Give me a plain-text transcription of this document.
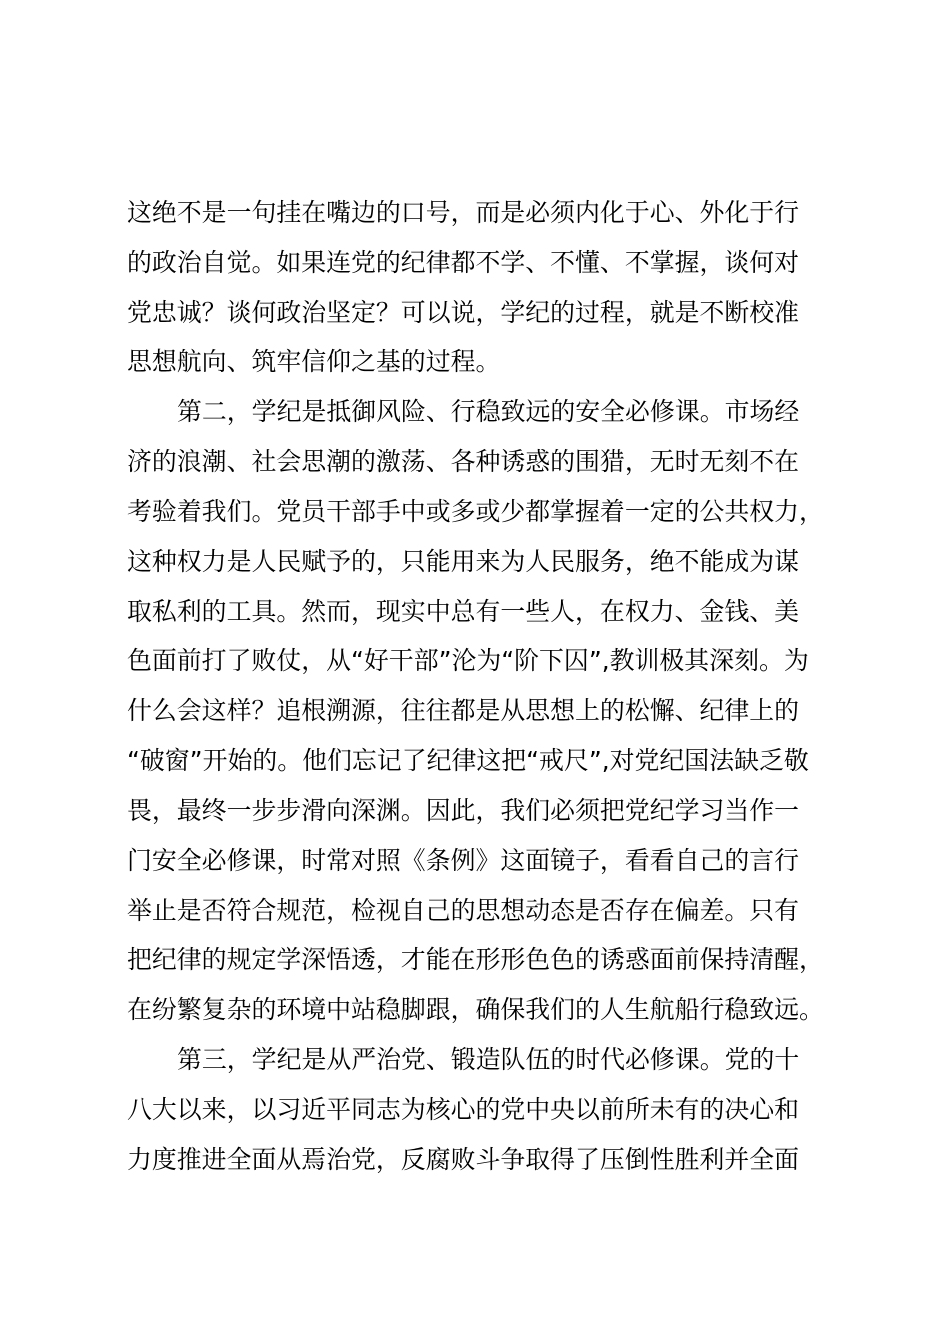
这绝不是一句挂在嘴边的口号，而是必须内化于心、外化于行
的政治自觉。如果连党的纪律都不学、不懂、不掌握，谈何对
党忠诚？谈何政治坚定？可以说，学纪的过程，就是不断校准
思想航向、筑牢信仰之基的过程。
第二，学纪是抵御风险、行稳致远的安全必修课。市场经
济的浪潮、社会思潮的激荡、各种诱惑的围猎，无时无刻不在
考验着我们。党员干部手中或多或少都掌握着一定的公共权力，
这种权力是人民赋予的，只能用来为人民服务，绝不能成为谋
取私利的工具。然而，现实中总有一些人，在权力、金钱、美
色面前打了败仗，从“好干部”沦为“阶下囚”,教训极其深刻。为
什么会这样？追根溯源，往往都是从思想上的松懈、纪律上的
“破窗”开始的。他们忘记了纪律这把“戒尺”,对党纪国法缺乏敬
畏，最终一步步滑向深渊。因此，我们必须把党纪学习当作一
门安全必修课，时常对照《条例》这面镜子，看看自己的言行
举止是否符合规范，检视自己的思想动态是否存在偏差。只有
把纪律的规定学深悟透，才能在形形色色的诱惑面前保持清醒，
在纷繁复杂的环境中站稳脚跟，确保我们的人生航船行稳致远。
第三，学纪是从严治党、锻造队伍的时代必修课。党的十
八大以来，以习近平同志为核心的党中央以前所未有的决心和
力度推进全面从焉治党，反腐败斗争取得了压倒性胜利并全面
